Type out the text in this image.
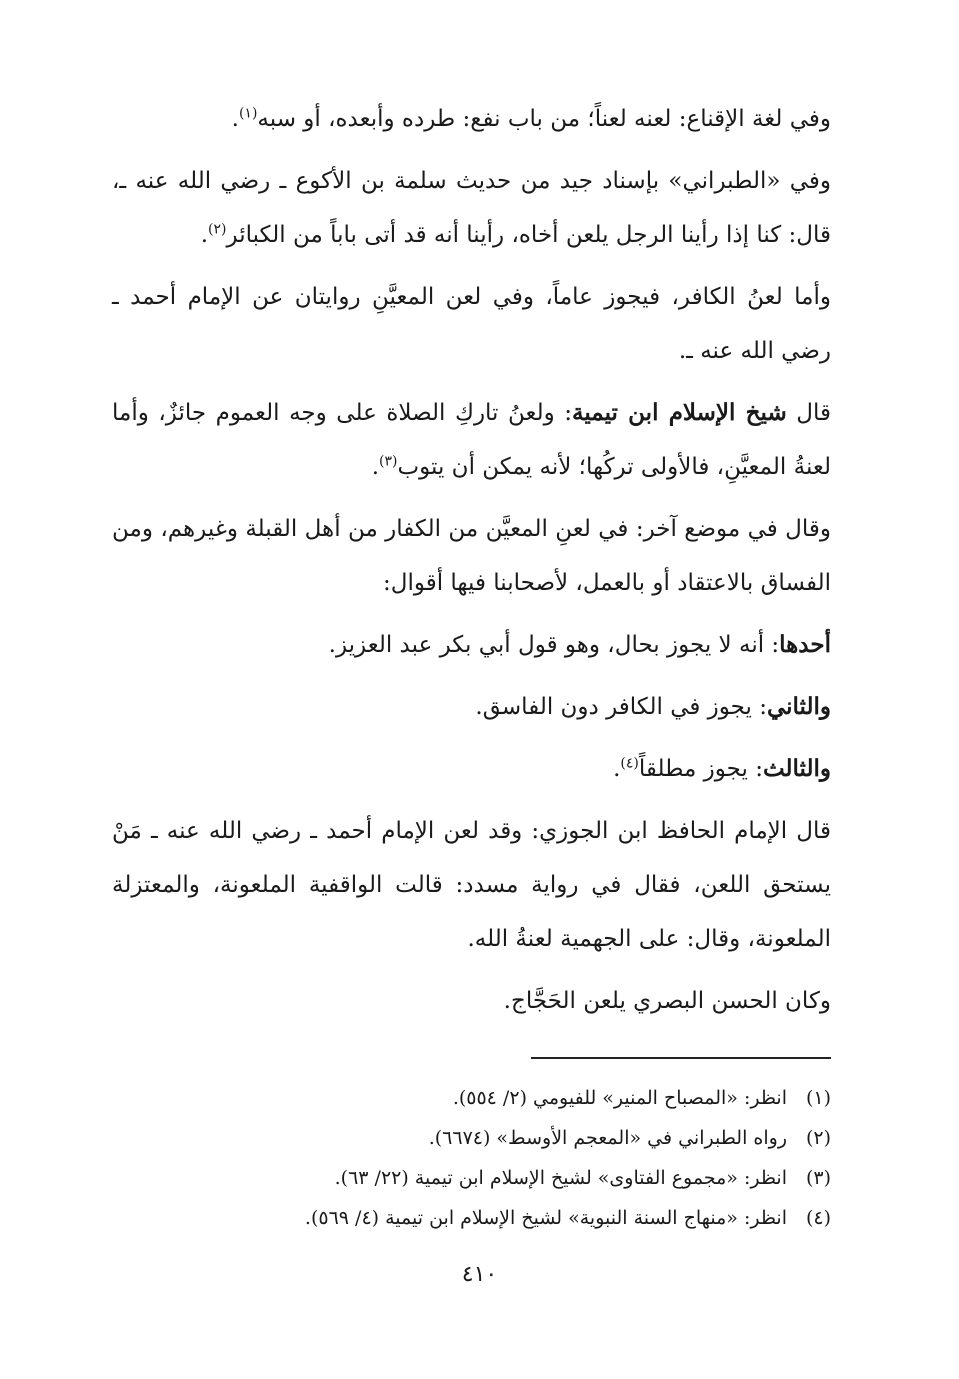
وفي لغة الإقناع: لعنه لعناً؛ من باب نفع: طرده وأبعده، أو سبه$^{(١)}$.

وفي «الطبراني» بإسناد جيد من حديث سلمة بن الأكوع ـ رضي الله عنه ـ، قال: كنا إذا رأينا الرجل يلعن أخاه، رأينا أنه قد أتى باباً من الكبائر$^{(٢)}$.

وأما لعنُ الكافر، فيجوز عاماً، وفي لعن المعيَّنِ روايتان عن الإمام أحمد ـ رضي الله عنه ـ.

قال شيخ الإسلام ابن تيمية: ولعنُ تاركِ الصلاة على وجه العموم جائزٌ، وأما لعنةُ المعيَّنِ، فالأولى تركُها؛ لأنه يمكن أن يتوب$^{(٣)}$.

وقال في موضع آخر: في لعنِ المعيَّن من الكفار من أهل القبلة وغيرهم، ومن الفساق بالاعتقاد أو بالعمل، لأصحابنا فيها أقوال:

أحدها: أنه لا يجوز بحال، وهو قول أبي بكر عبد العزيز.

والثاني: يجوز في الكافر دون الفاسق.

والثالث: يجوز مطلقاً$^{(٤)}$.

قال الإمام الحافظ ابن الجوزي: وقد لعن الإمام أحمد ـ رضي الله عنه ـ مَنْ يستحق اللعن، فقال في رواية مسدد: قالت الواقفية الملعونة، والمعتزلة الملعونة، وقال: على الجهمية لعنةُ الله.

وكان الحسن البصري يلعن الحَجَّاج.

(١)انظر: «المصباح المنير» للفيومي (٢/ ٥٥٤).

(٢)رواه الطبراني في «المعجم الأوسط» (٦٦٧٤).

(٣)انظر: «مجموع الفتاوى» لشيخ الإسلام ابن تيمية (٢٢/ ٦٣).

(٤)انظر: «منهاج السنة النبوية» لشيخ الإسلام ابن تيمية (٤/ ٥٦٩).

٤١٠
